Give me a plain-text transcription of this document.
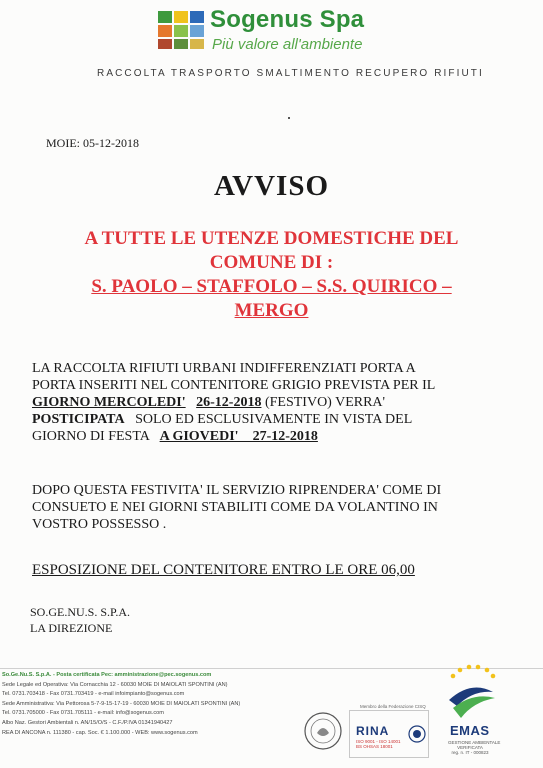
Sogenus Spa
Più valore all'ambiente
RACCOLTA TRASPORTO SMALTIMENTO RECUPERO RIFIUTI
MOIE: 05-12-2018
AVVISO
A TUTTE LE UTENZE DOMESTICHE DEL
COMUNE DI :
S. PAOLO – STAFFOLO – S.S. QUIRICO –
MERGO
LA RACCOLTA RIFIUTI URBANI INDIFFERENZIATI PORTA A
PORTA INSERITI NEL CONTENITORE GRIGIO PREVISTA PER IL
GIORNO MERCOLEDI' 26-12-2018 (FESTIVO) VERRA'
POSTICIPATA   SOLO ED ESCLUSIVAMENTE IN VISTA DEL
GIORNO DI FESTA   A GIOVEDI'    27-12-2018
DOPO QUESTA FESTIVITA' IL SERVIZIO RIPRENDERA' COME DI
CONSUETO E NEI GIORNI STABILITI COME DA VOLANTINO IN
VOSTRO POSSESSO .
ESPOSIZIONE DEL CONTENITORE ENTRO LE ORE 06,00
SO.GE.NU.S. S.P.A.
LA DIREZIONE
So.Ge.Nu.S. S.p.A. - Posta certificata Pec: amministrazione@pec.sogenus.com
Sede Legale ed Operativa: Via Cornacchia 12 - 60030 MOIE DI MAIOLATI SPONTINI (AN)
Tel. 0731.703418 - Fax 0731.703419 - e-mail infoimpianto@sogenus.com
Sede Amministrativa: Via Pettorosa 5-7-9-15-17-19 - 60030 MOIE DI MAIOLATI SPONTINI (AN)
Tel. 0731.705000 - Fax 0731.705111 - e-mail: info@sogenus.com
Albo Naz. Gestori Ambientali n. AN/15/O/S - C.F./P.IVA 01341940427
REA DI ANCONA n. 111380 - cap. Soc. € 1.100.000 - WEB: www.sogenus.com
Membro della Federazione CISQ
RINA
ISO 9001 - ISO 14001
BS OHSAS 18001
EMAS
GESTIONE AMBIENTALE
VERIFICATA
reg. n. IT - 000823
